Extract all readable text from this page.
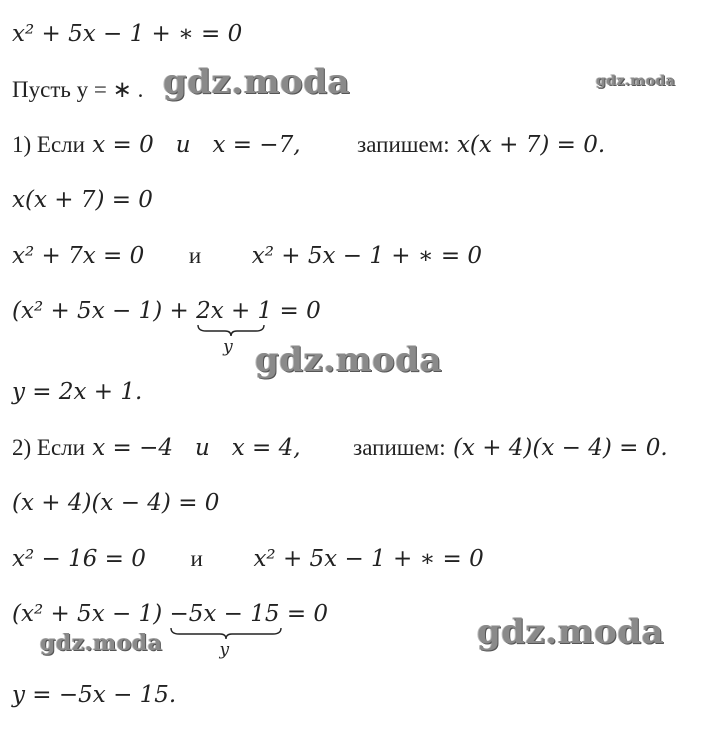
x² + 5x − 1 + ∗ = 0
Пусть y = ∗ .
1) Если x = 0   и   x = −7, запишем: x(x + 7) = 0.
x(x + 7) = 0
x² + 7x = 0 и x² + 5x − 1 + ∗ = 0
(x² + 5x − 1) + 2x + 1
y
= 0
y = 2x + 1.
2) Если x = −4   и   x = 4, запишем: (x + 4)(x − 4) = 0.
(x + 4)(x − 4) = 0
x² − 16 = 0 и x² + 5x − 1 + ∗ = 0
(x² + 5x − 1) −5x − 15
y
= 0
y = −5x − 15.
gdz.moda	gdz.moda
gdz.moda
gdz.moda	gdz.moda
